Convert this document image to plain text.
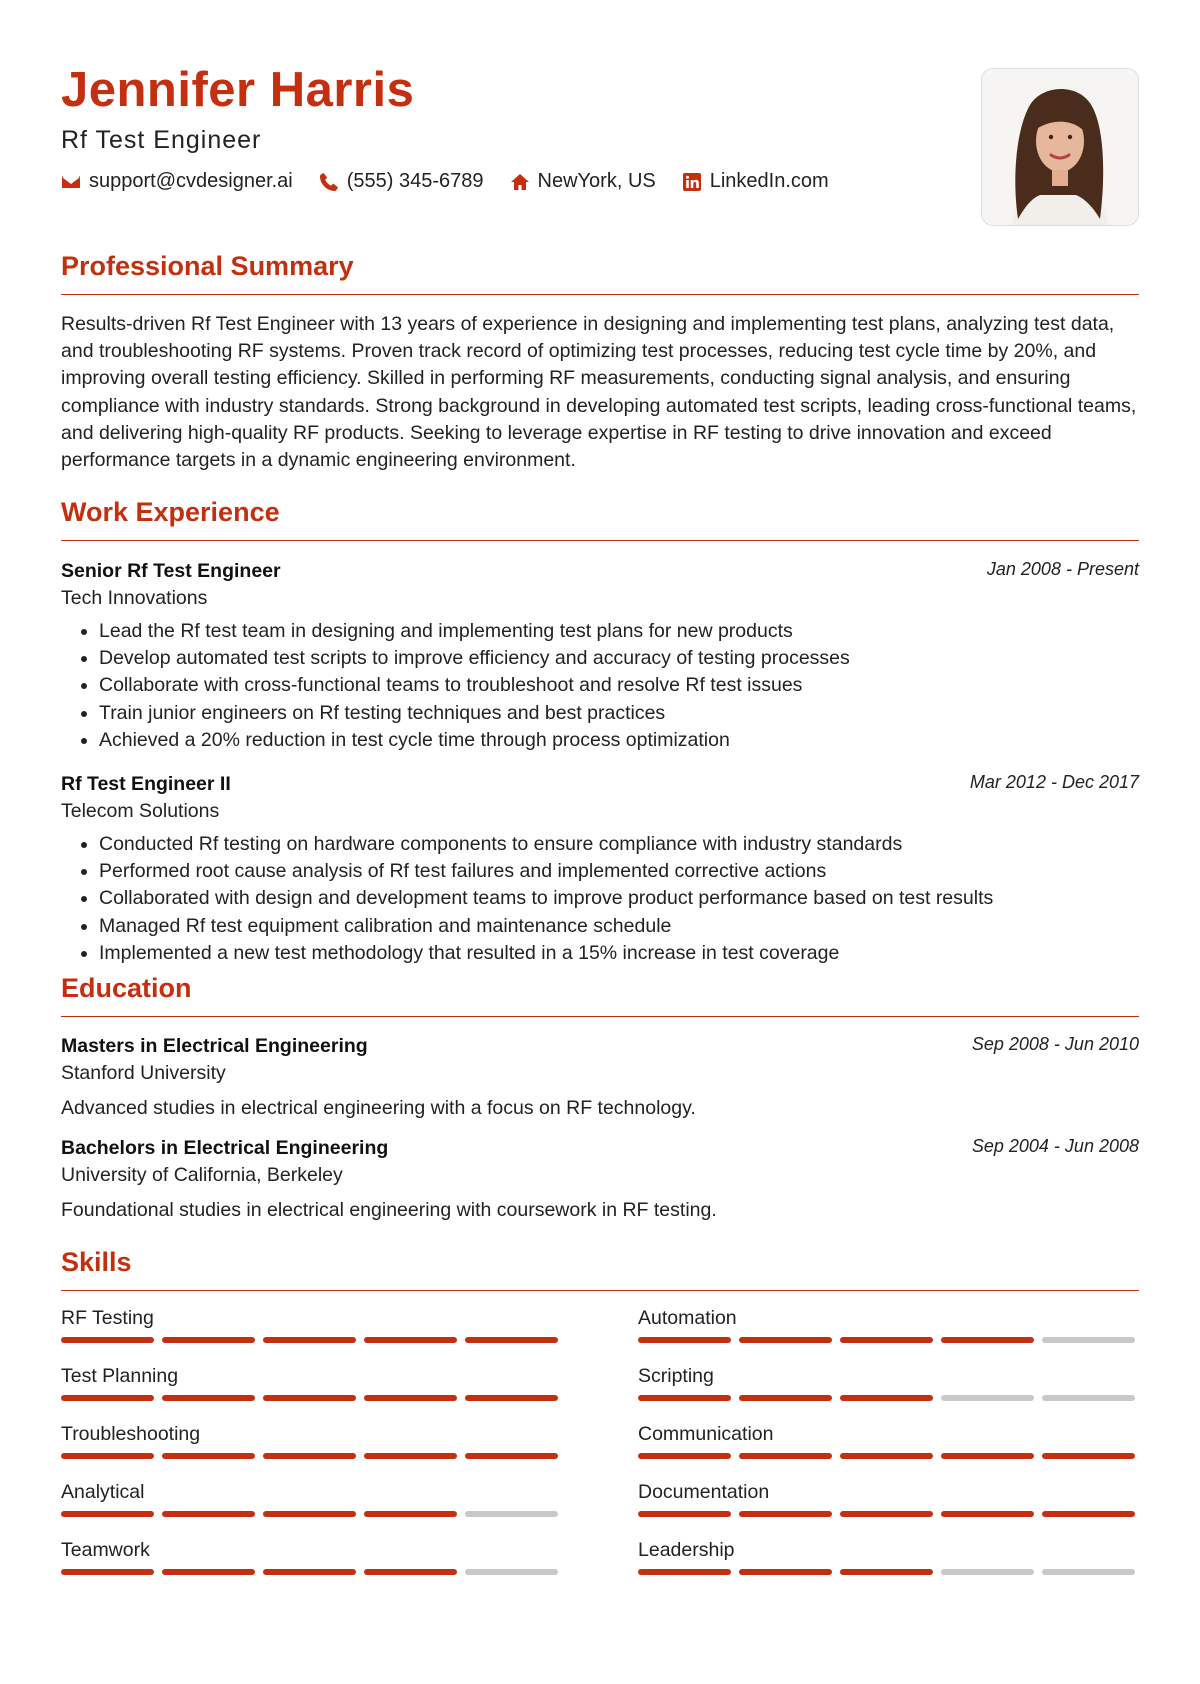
Jennifer Harris
Rf Test Engineer
support@cvdesigner.ai	(555) 345-6789	NewYork, US	LinkedIn.com
Professional Summary
Results-driven Rf Test Engineer with 13 years of experience in designing and implementing test plans, analyzing test data, and troubleshooting RF systems. Proven track record of optimizing test processes, reducing test cycle time by 20%, and improving overall testing efficiency. Skilled in performing RF measurements, conducting signal analysis, and ensuring compliance with industry standards. Strong background in developing automated test scripts, leading cross-functional teams, and delivering high-quality RF products. Seeking to leverage expertise in RF testing to drive innovation and exceed performance targets in a dynamic engineering environment.
Work Experience
Senior Rf Test Engineer	Jan 2008 - Present
Tech Innovations
• Lead the Rf test team in designing and implementing test plans for new products
• Develop automated test scripts to improve efficiency and accuracy of testing processes
• Collaborate with cross-functional teams to troubleshoot and resolve Rf test issues
• Train junior engineers on Rf testing techniques and best practices
• Achieved a 20% reduction in test cycle time through process optimization
Rf Test Engineer II	Mar 2012 - Dec 2017
Telecom Solutions
• Conducted Rf testing on hardware components to ensure compliance with industry standards
• Performed root cause analysis of Rf test failures and implemented corrective actions
• Collaborated with design and development teams to improve product performance based on test results
• Managed Rf test equipment calibration and maintenance schedule
• Implemented a new test methodology that resulted in a 15% increase in test coverage
Education
Masters in Electrical Engineering	Sep 2008 - Jun 2010
Stanford University
Advanced studies in electrical engineering with a focus on RF technology.
Bachelors in Electrical Engineering	Sep 2004 - Jun 2008
University of California, Berkeley
Foundational studies in electrical engineering with coursework in RF testing.
Skills
RF Testing	Automation
Test Planning	Scripting
Troubleshooting	Communication
Analytical	Documentation
Teamwork	Leadership
